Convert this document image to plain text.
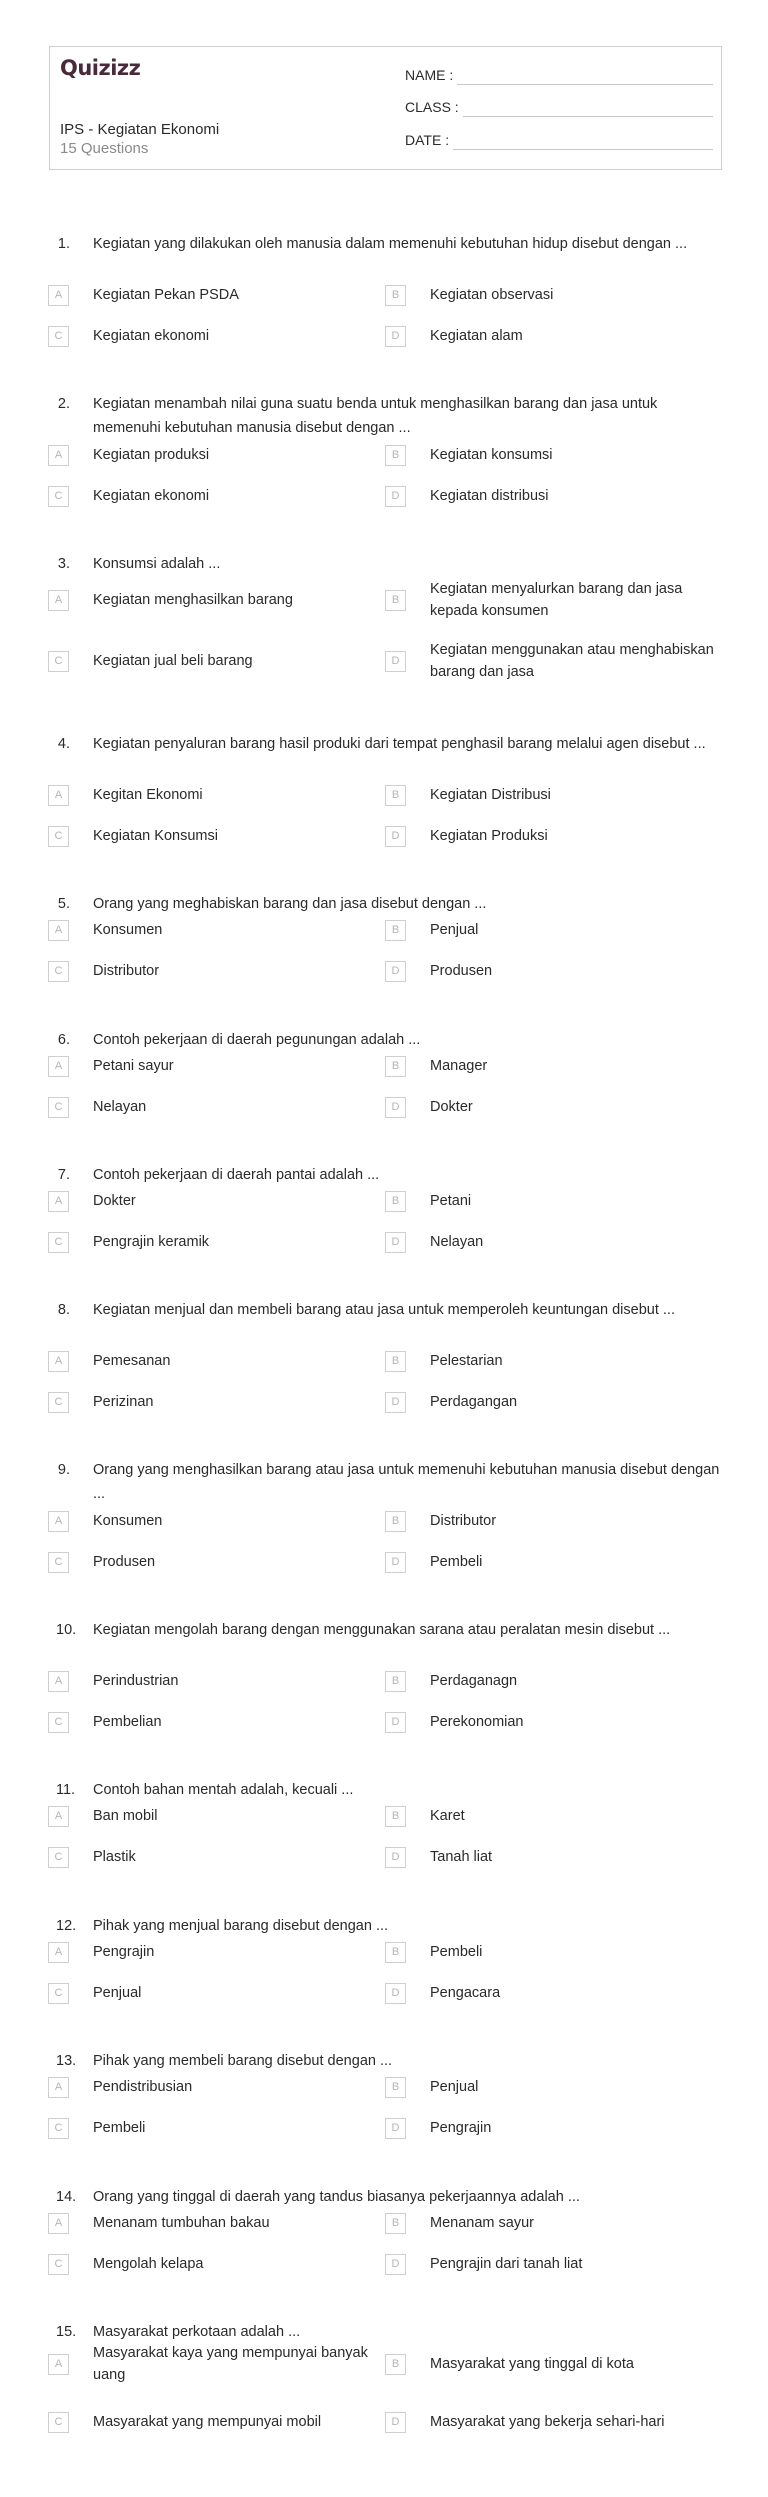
Quizizz
IPS - Kegiatan Ekonomi
15 Questions
NAME :
CLASS :
DATE :
1. Kegiatan yang dilakukan oleh manusia dalam memenuhi kebutuhan hidup disebut dengan ...
A	Kegiatan Pekan PSDA	B	Kegiatan observasi
C	Kegiatan ekonomi	D	Kegiatan alam
2. Kegiatan menambah nilai guna suatu benda untuk menghasilkan barang dan jasa untuk memenuhi kebutuhan manusia disebut dengan ...
A	Kegiatan produksi	B	Kegiatan konsumsi
C	Kegiatan ekonomi	D	Kegiatan distribusi
3. Konsumsi adalah ...
A	Kegiatan menghasilkan barang	B
Kegiatan menyalurkan barang dan jasa kepada konsumen
C	Kegiatan jual beli barang	D
Kegiatan menggunakan atau menghabiskan barang dan jasa
4. Kegiatan penyaluran barang hasil produki dari tempat penghasil barang melalui agen disebut ...
A	Kegitan Ekonomi	B	Kegiatan Distribusi
C	Kegiatan Konsumsi	D	Kegiatan Produksi
5. Orang yang meghabiskan barang dan jasa disebut dengan ...
A	Konsumen	B	Penjual
C	Distributor	D	Produsen
6. Contoh pekerjaan di daerah pegunungan adalah ...
A	Petani sayur	B	Manager
C	Nelayan	D	Dokter
7. Contoh pekerjaan di daerah pantai adalah ...
A	Dokter	B	Petani
C	Pengrajin keramik	D	Nelayan
8. Kegiatan menjual dan membeli barang atau jasa untuk memperoleh keuntungan disebut ...
A	Pemesanan	B	Pelestarian
C	Perizinan	D	Perdagangan
9. Orang yang menghasilkan barang atau jasa untuk memenuhi kebutuhan manusia disebut dengan ...
A	Konsumen	B	Distributor
C	Produsen	D	Pembeli
10. Kegiatan mengolah barang dengan menggunakan sarana atau peralatan mesin disebut ...
A	Perindustrian	B	Perdaganagn
C	Pembelian	D	Perekonomian
11. Contoh bahan mentah adalah, kecuali ...
A	Ban mobil	B	Karet
C	Plastik	D	Tanah liat
12. Pihak yang menjual barang disebut dengan ...
A	Pengrajin	B	Pembeli
C	Penjual	D	Pengacara
13. Pihak yang membeli barang disebut dengan ...
A	Pendistribusian	B	Penjual
C	Pembeli	D	Pengrajin
14. Orang yang tinggal di daerah yang tandus biasanya pekerjaannya adalah ...
A	Menanam tumbuhan bakau	B	Menanam sayur
C	Mengolah kelapa	D	Pengrajin dari tanah liat
15. Masyarakat perkotaan adalah ...
A
Masyarakat kaya yang mempunyai banyak uang
B	Masyarakat yang tinggal di kota
C	Masyarakat yang mempunyai mobil	D	Masyarakat yang bekerja sehari-hari
